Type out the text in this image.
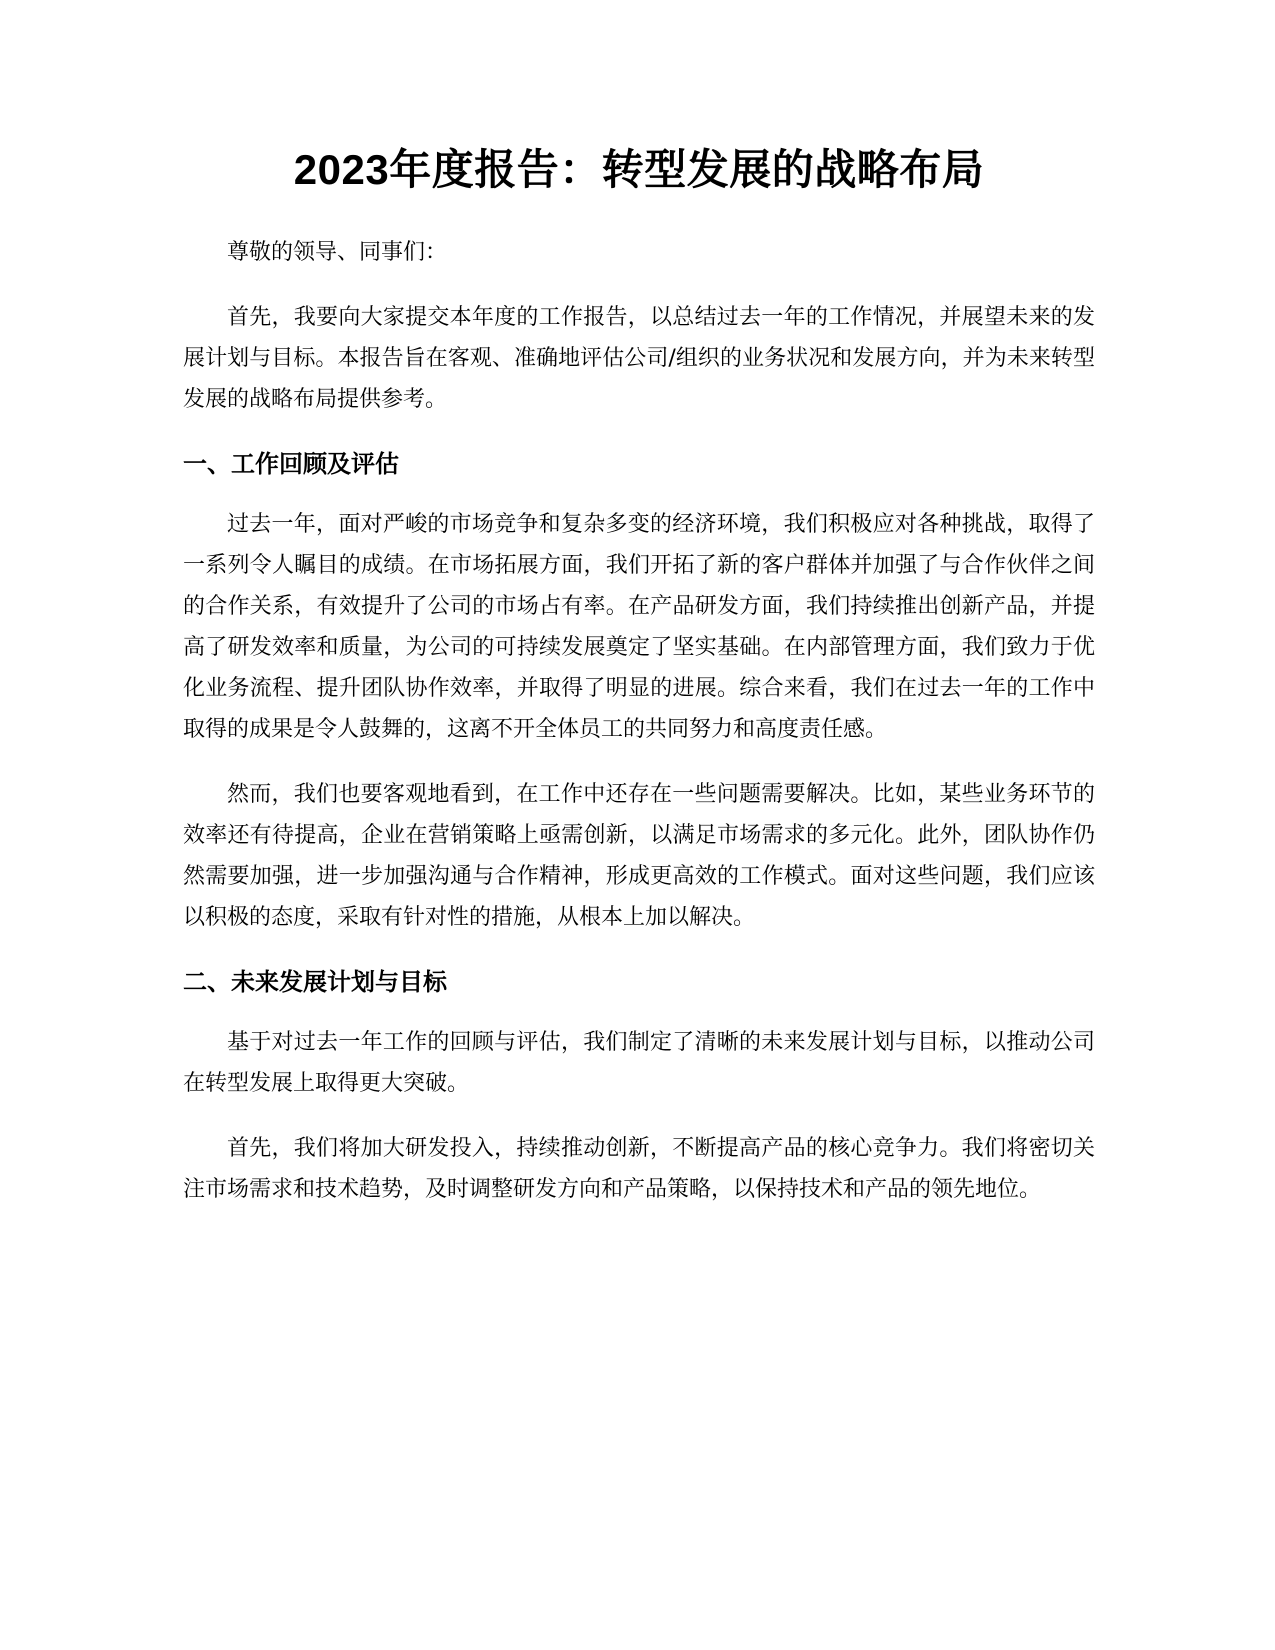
2023年度报告：转型发展的战略布局

尊敬的领导、同事们：

首先，我要向大家提交本年度的工作报告，以总结过去一年的工作情况，并展望未来的发展计划与目标。本报告旨在客观、准确地评估公司/组织的业务状况和发展方向，并为未来转型发展的战略布局提供参考。

一、工作回顾及评估

过去一年，面对严峻的市场竞争和复杂多变的经济环境，我们积极应对各种挑战，取得了一系列令人瞩目的成绩。在市场拓展方面，我们开拓了新的客户群体并加强了与合作伙伴之间的合作关系，有效提升了公司的市场占有率。在产品研发方面，我们持续推出创新产品，并提高了研发效率和质量，为公司的可持续发展奠定了坚实基础。在内部管理方面，我们致力于优化业务流程、提升团队协作效率，并取得了明显的进展。综合来看，我们在过去一年的工作中取得的成果是令人鼓舞的，这离不开全体员工的共同努力和高度责任感。

然而，我们也要客观地看到，在工作中还存在一些问题需要解决。比如，某些业务环节的效率还有待提高，企业在营销策略上亟需创新，以满足市场需求的多元化。此外，团队协作仍然需要加强，进一步加强沟通与合作精神，形成更高效的工作模式。面对这些问题，我们应该以积极的态度，采取有针对性的措施，从根本上加以解决。

二、未来发展计划与目标

基于对过去一年工作的回顾与评估，我们制定了清晰的未来发展计划与目标，以推动公司在转型发展上取得更大突破。

首先，我们将加大研发投入，持续推动创新，不断提高产品的核心竞争力。我们将密切关注市场需求和技术趋势，及时调整研发方向和产品策略，以保持技术和产品的领先地位。
